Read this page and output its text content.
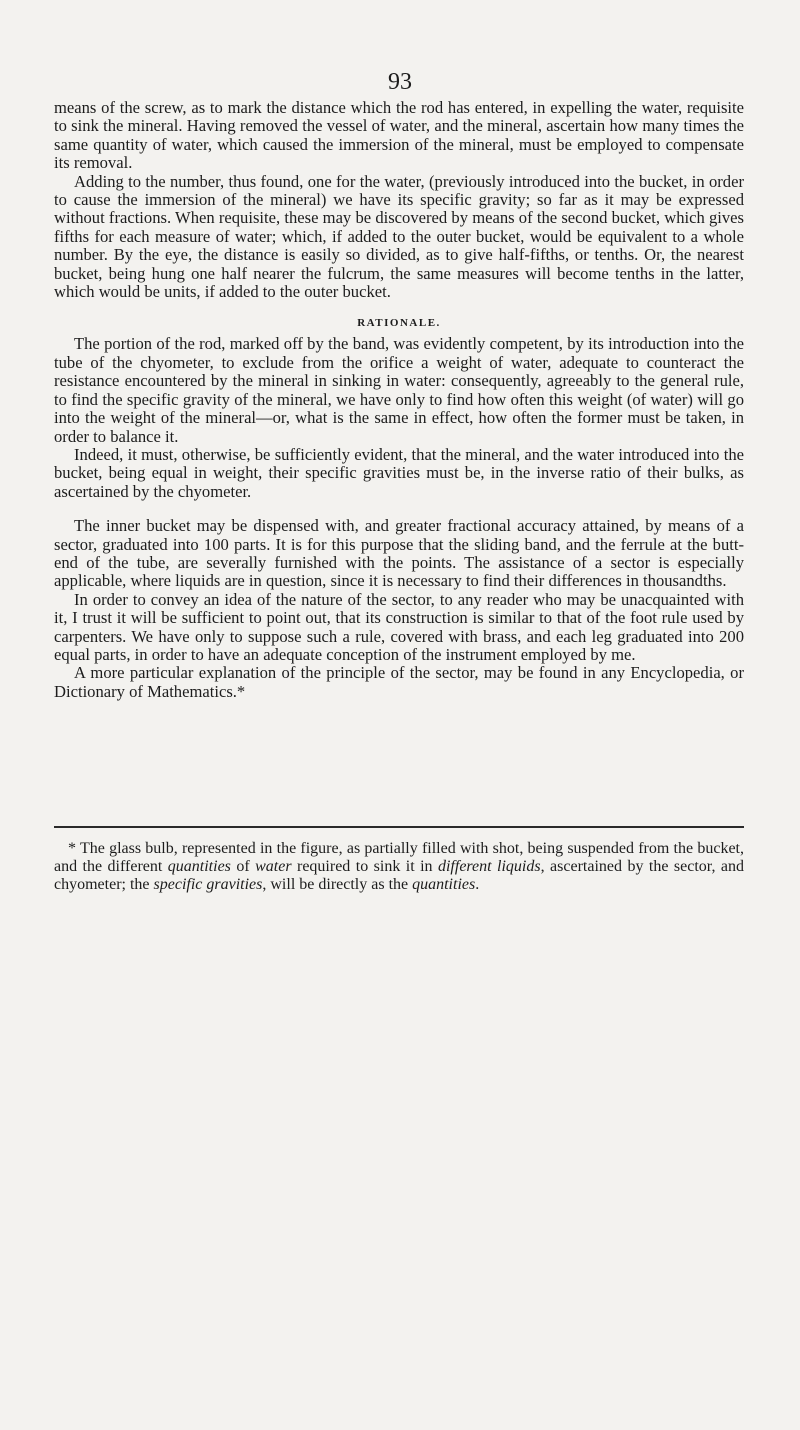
93

means of the screw, as to mark the distance which the rod has entered, in expelling the water, requisite to sink the mineral. Having removed the vessel of water, and the mineral, ascertain how many times the same quantity of water, which caused the immersion of the mineral, must be employed to compensate its removal.

Adding to the number, thus found, one for the water, (previously introduced into the bucket, in order to cause the immersion of the mineral) we have its specific gravity; so far as it may be expressed without fractions. When requisite, these may be discovered by means of the second bucket, which gives fifths for each measure of water; which, if added to the outer bucket, would be equivalent to a whole number. By the eye, the distance is easily so divided, as to give half-fifths, or tenths. Or, the nearest bucket, being hung one half nearer the fulcrum, the same measures will become tenths in the latter, which would be units, if added to the outer bucket.

RATIONALE.

The portion of the rod, marked off by the band, was evidently competent, by its introduction into the tube of the chyometer, to exclude from the orifice a weight of water, adequate to counteract the resistance encountered by the mineral in sinking in water: consequently, agreeably to the general rule, to find the specific gravity of the mineral, we have only to find how often this weight (of water) will go into the weight of the mineral—or, what is the same in effect, how often the former must be taken, in order to balance it.

Indeed, it must, otherwise, be sufficiently evident, that the mineral, and the water introduced into the bucket, being equal in weight, their specific gravities must be, in the inverse ratio of their bulks, as ascertained by the chyometer.

The inner bucket may be dispensed with, and greater fractional accuracy attained, by means of a sector, graduated into 100 parts. It is for this purpose that the sliding band, and the ferrule at the butt-end of the tube, are severally furnished with the points. The assistance of a sector is especially applicable, where liquids are in question, since it is necessary to find their differences in thousandths.

In order to convey an idea of the nature of the sector, to any reader who may be unacquainted with it, I trust it will be sufficient to point out, that its construction is similar to that of the foot rule used by carpenters. We have only to suppose such a rule, covered with brass, and each leg graduated into 200 equal parts, in order to have an adequate conception of the instrument employed by me.

A more particular explanation of the principle of the sector, may be found in any Encyclopedia, or Dictionary of Mathematics.*

* The glass bulb, represented in the figure, as partially filled with shot, being suspended from the bucket, and the different quantities of water required to sink it in different liquids, ascertained by the sector, and chyometer; the specific gravities, will be directly as the quantities.
